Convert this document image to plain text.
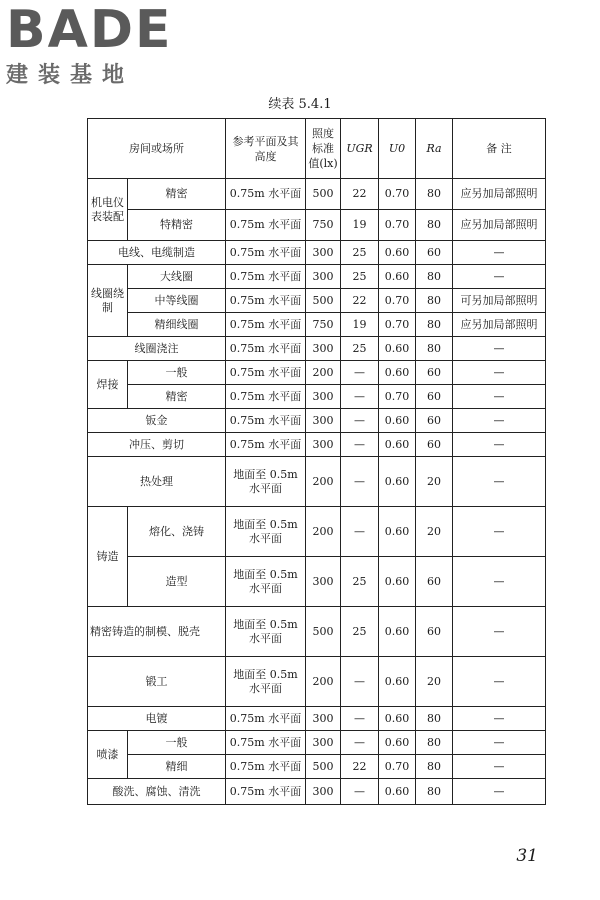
BADE
建装基地
续表 5.4.1
房间或场所		参考平面及其高度	照度标准值(lx)	UGR	U0	Ra	备 注
机电仪表装配	精密	0.75m 水平面	500	22	0.70	80	应另加局部照明
	特精密	0.75m 水平面	750	19	0.70	80	应另加局部照明
电线、电缆制造		0.75m 水平面	300	25	0.60	60	—
线圈绕制	大线圈	0.75m 水平面	300	25	0.60	80	—
	中等线圈	0.75m 水平面	500	22	0.70	80	可另加局部照明
	精细线圈	0.75m 水平面	750	19	0.70	80	应另加局部照明
线圈浇注		0.75m 水平面	300	25	0.60	80	—
焊接	一般	0.75m 水平面	200	—	0.60	60	—
	精密	0.75m 水平面	300	—	0.70	60	—
钣金		0.75m 水平面	300	—	0.60	60	—
冲压、剪切		0.75m 水平面	300	—	0.60	60	—
热处理		地面至 0.5m 水平面	200	—	0.60	20	—
铸造	熔化、浇铸	地面至 0.5m 水平面	200	—	0.60	20	—
	造型	地面至 0.5m 水平面	300	25	0.60	60	—
精密铸造的制模、脱壳		地面至 0.5m 水平面	500	25	0.60	60	—
锻工		地面至 0.5m 水平面	200	—	0.60	20	—
电镀		0.75m 水平面	300	—	0.60	80	—
喷漆	一般	0.75m 水平面	300	—	0.60	80	—
	精细	0.75m 水平面	500	22	0.70	80	—
酸洗、腐蚀、清洗		0.75m 水平面	300	—	0.60	80	—
31
